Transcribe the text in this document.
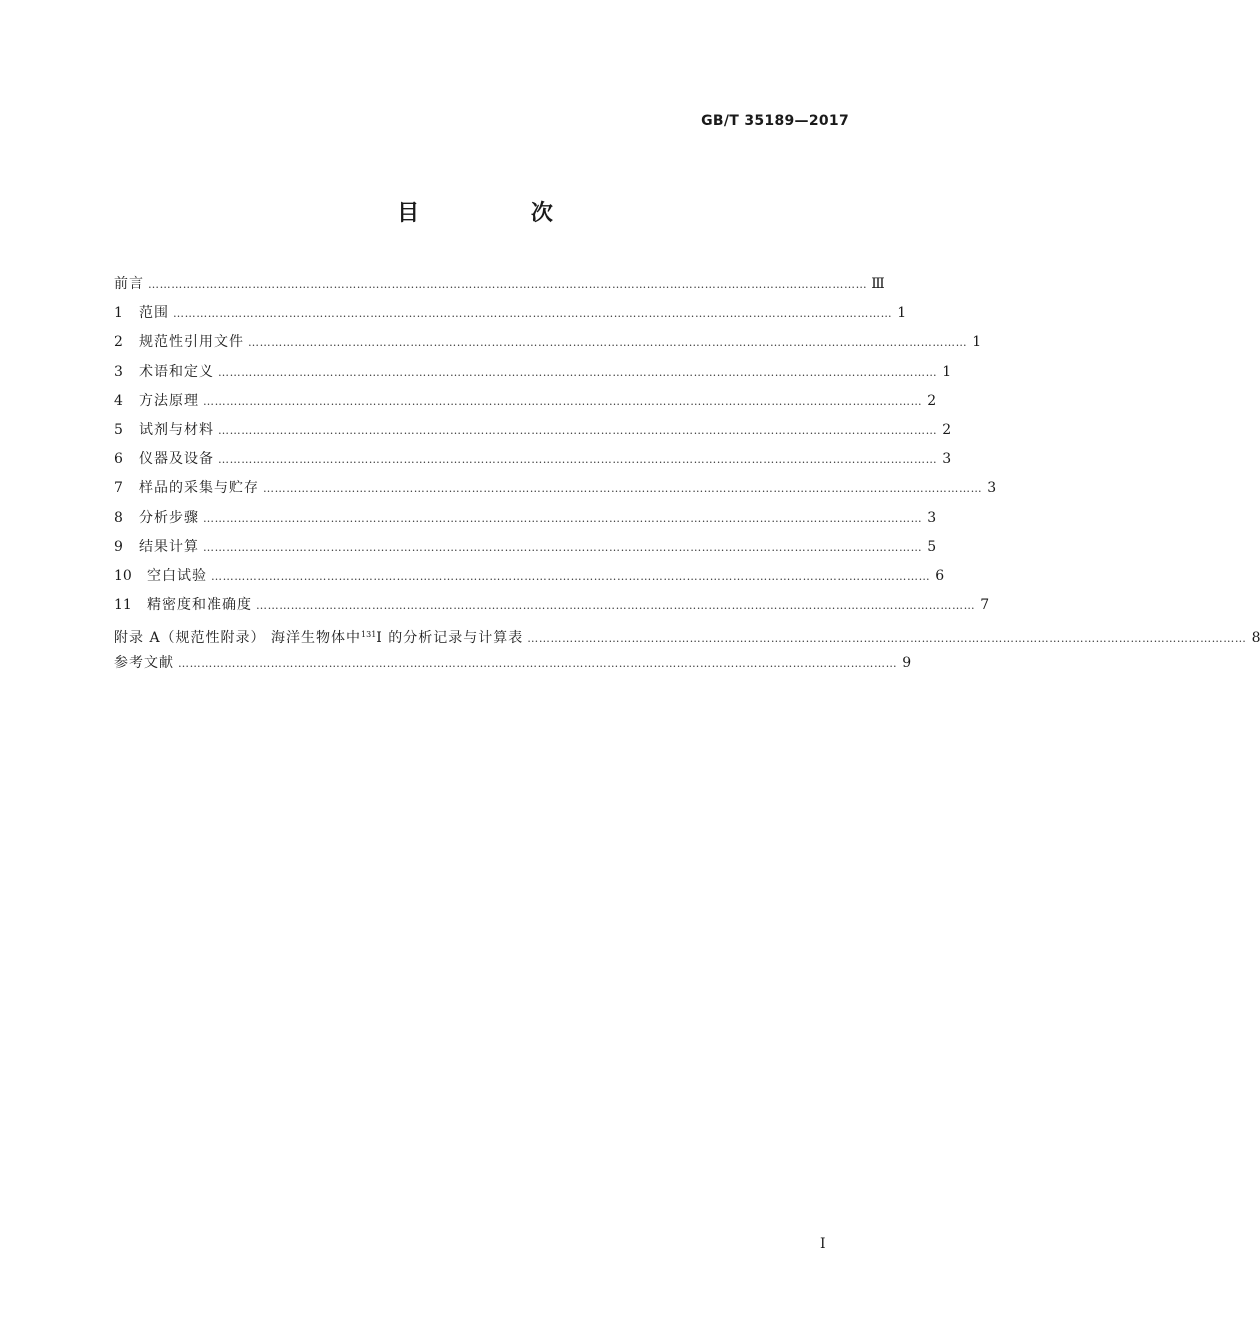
GB/T 35189—2017
目 次
前言 …………………………………………………………………………………………………………………………………………………………………… Ⅲ
1	范围 …………………………………………………………………………………………………………………………………………………………………… 1
2	规范性引用文件 …………………………………………………………………………………………………………………………………………………………………… 1
3	术语和定义 …………………………………………………………………………………………………………………………………………………………………… 1
4	方法原理 …………………………………………………………………………………………………………………………………………………………………… 2
5	试剂与材料 …………………………………………………………………………………………………………………………………………………………………… 2
6	仪器及设备 …………………………………………………………………………………………………………………………………………………………………… 3
7	样品的采集与贮存 …………………………………………………………………………………………………………………………………………………………………… 3
8	分析步骤 …………………………………………………………………………………………………………………………………………………………………… 3
9	结果计算 …………………………………………………………………………………………………………………………………………………………………… 5
10	空白试验 …………………………………………………………………………………………………………………………………………………………………… 6
11	精密度和准确度 …………………………………………………………………………………………………………………………………………………………………… 7
附录 A（规范性附录） 海洋生物体中$^{131}$I 的分析记录与计算表 …………………………………………………………………………………………………………………………………………………………………… 8
参考文献 …………………………………………………………………………………………………………………………………………………………………… 9
Ⅰ
